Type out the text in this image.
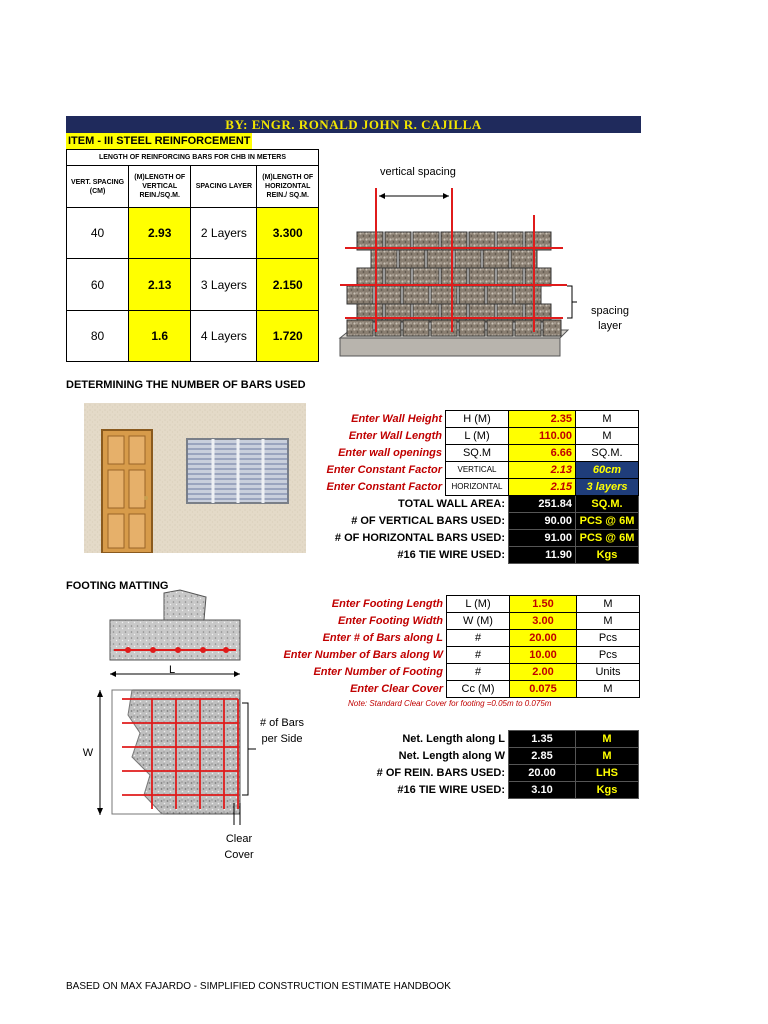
BY: ENGR. RONALD JOHN R. CAJILLA
ITEM - III STEEL REINFORCEMENT
LENGTH OF REINFORCING BARS FOR CHB IN METERS			
VERT. SPACING (CM)	(M)LENGTH OF VERTICAL REIN./SQ.M.	SPACING LAYER	(M)LENGTH OF HORIZONTAL REIN./ SQ.M.
40	2.93	2 Layers	3.300
60	2.13	3 Layers	2.150
80	1.6	4 Layers	1.720
vertical spacing
spacing
layer
DETERMINING THE NUMBER OF BARS USED
Enter Wall Height	H (M)	2.35	M
Enter Wall Length	L (M)	110.00	M
Enter wall openings	SQ.M	6.66	SQ.M.
Enter Constant Factor	VERTICAL	2.13	60cm
Enter Constant Factor	HORIZONTAL	2.15	3 layers
TOTAL WALL AREA:		251.84	SQ.M.
# OF VERTICAL BARS USED:		90.00	PCS @ 6M
# OF HORIZONTAL BARS USED:		91.00	PCS @ 6M
#16 TIE WIRE USED:		11.90	Kgs
FOOTING MATTING
Enter Footing Length	L (M)	1.50	M
Enter Footing Width	W (M)	3.00	M
Enter # of Bars along L	#	20.00	Pcs
Enter Number of Bars along W	#	10.00	Pcs
Enter Number of Footing	#	2.00	Units
Enter Clear Cover	Cc (M)	0.075	M
Note: Standard Clear Cover for footing =0.05m to 0.075m
Net. Length along L	1.35	M
Net. Length along W	2.85	M
# OF REIN. BARS USED:	20.00	LHS
#16 TIE WIRE USED:	3.10	Kgs
L
W
# of Bars
per Side
Clear
Cover
BASED ON MAX FAJARDO - SIMPLIFIED CONSTRUCTION ESTIMATE HANDBOOK
